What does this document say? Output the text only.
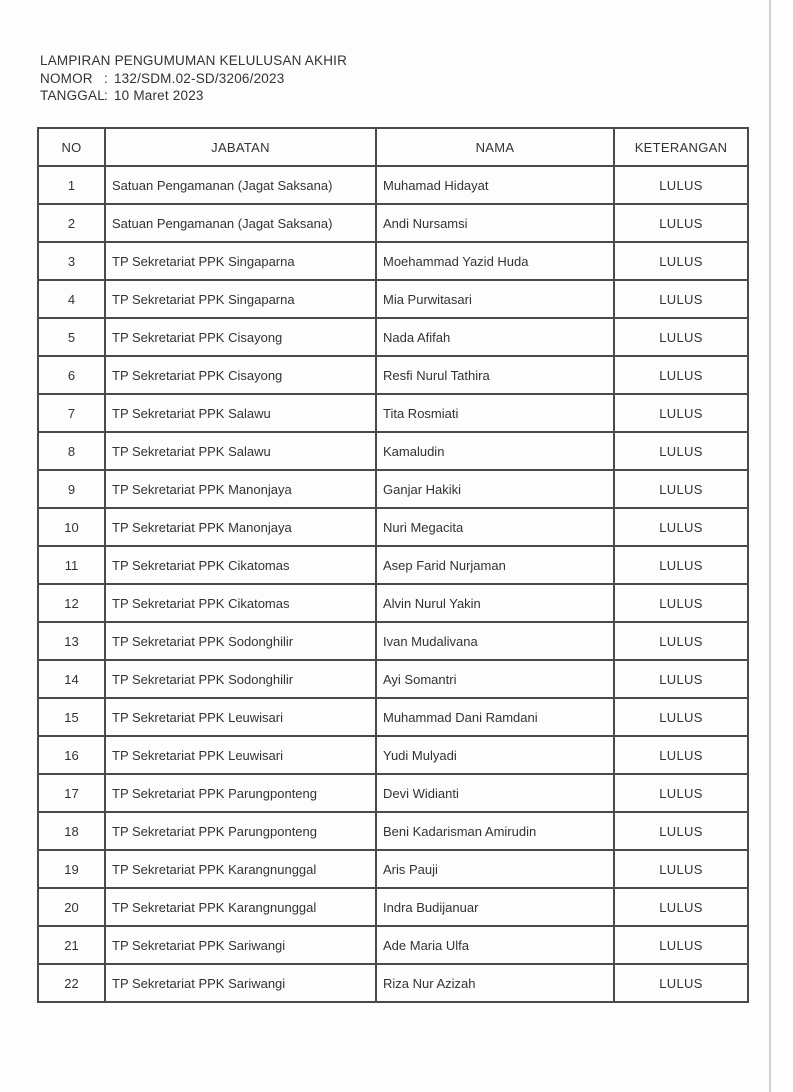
LAMPIRAN PENGUMUMAN KELULUSAN AKHIR
NOMOR : 132/SDM.02-SD/3206/2023
TANGGAL : 10 Maret 2023
NO	JABATAN	NAMA	KETERANGAN
1	Satuan Pengamanan (Jagat Saksana)	Muhamad Hidayat	LULUS
2	Satuan Pengamanan (Jagat Saksana)	Andi Nursamsi	LULUS
3	TP Sekretariat PPK Singaparna	Moehammad Yazid Huda	LULUS
4	TP Sekretariat PPK Singaparna	Mia Purwitasari	LULUS
5	TP Sekretariat PPK Cisayong	Nada Afifah	LULUS
6	TP Sekretariat PPK Cisayong	Resfi Nurul Tathira	LULUS
7	TP Sekretariat PPK Salawu	Tita Rosmiati	LULUS
8	TP Sekretariat PPK Salawu	Kamaludin	LULUS
9	TP Sekretariat PPK Manonjaya	Ganjar Hakiki	LULUS
10	TP Sekretariat PPK Manonjaya	Nuri Megacita	LULUS
11	TP Sekretariat PPK Cikatomas	Asep Farid Nurjaman	LULUS
12	TP Sekretariat PPK Cikatomas	Alvin Nurul Yakin	LULUS
13	TP Sekretariat PPK Sodonghilir	Ivan Mudalivana	LULUS
14	TP Sekretariat PPK Sodonghilir	Ayi Somantri	LULUS
15	TP Sekretariat PPK Leuwisari	Muhammad Dani Ramdani	LULUS
16	TP Sekretariat PPK Leuwisari	Yudi Mulyadi	LULUS
17	TP Sekretariat PPK Parungponteng	Devi Widianti	LULUS
18	TP Sekretariat PPK Parungponteng	Beni Kadarisman Amirudin	LULUS
19	TP Sekretariat PPK Karangnunggal	Aris Pauji	LULUS
20	TP Sekretariat PPK Karangnunggal	Indra Budijanuar	LULUS
21	TP Sekretariat PPK Sariwangi	Ade Maria Ulfa	LULUS
22	TP Sekretariat PPK Sariwangi	Riza Nur Azizah	LULUS
